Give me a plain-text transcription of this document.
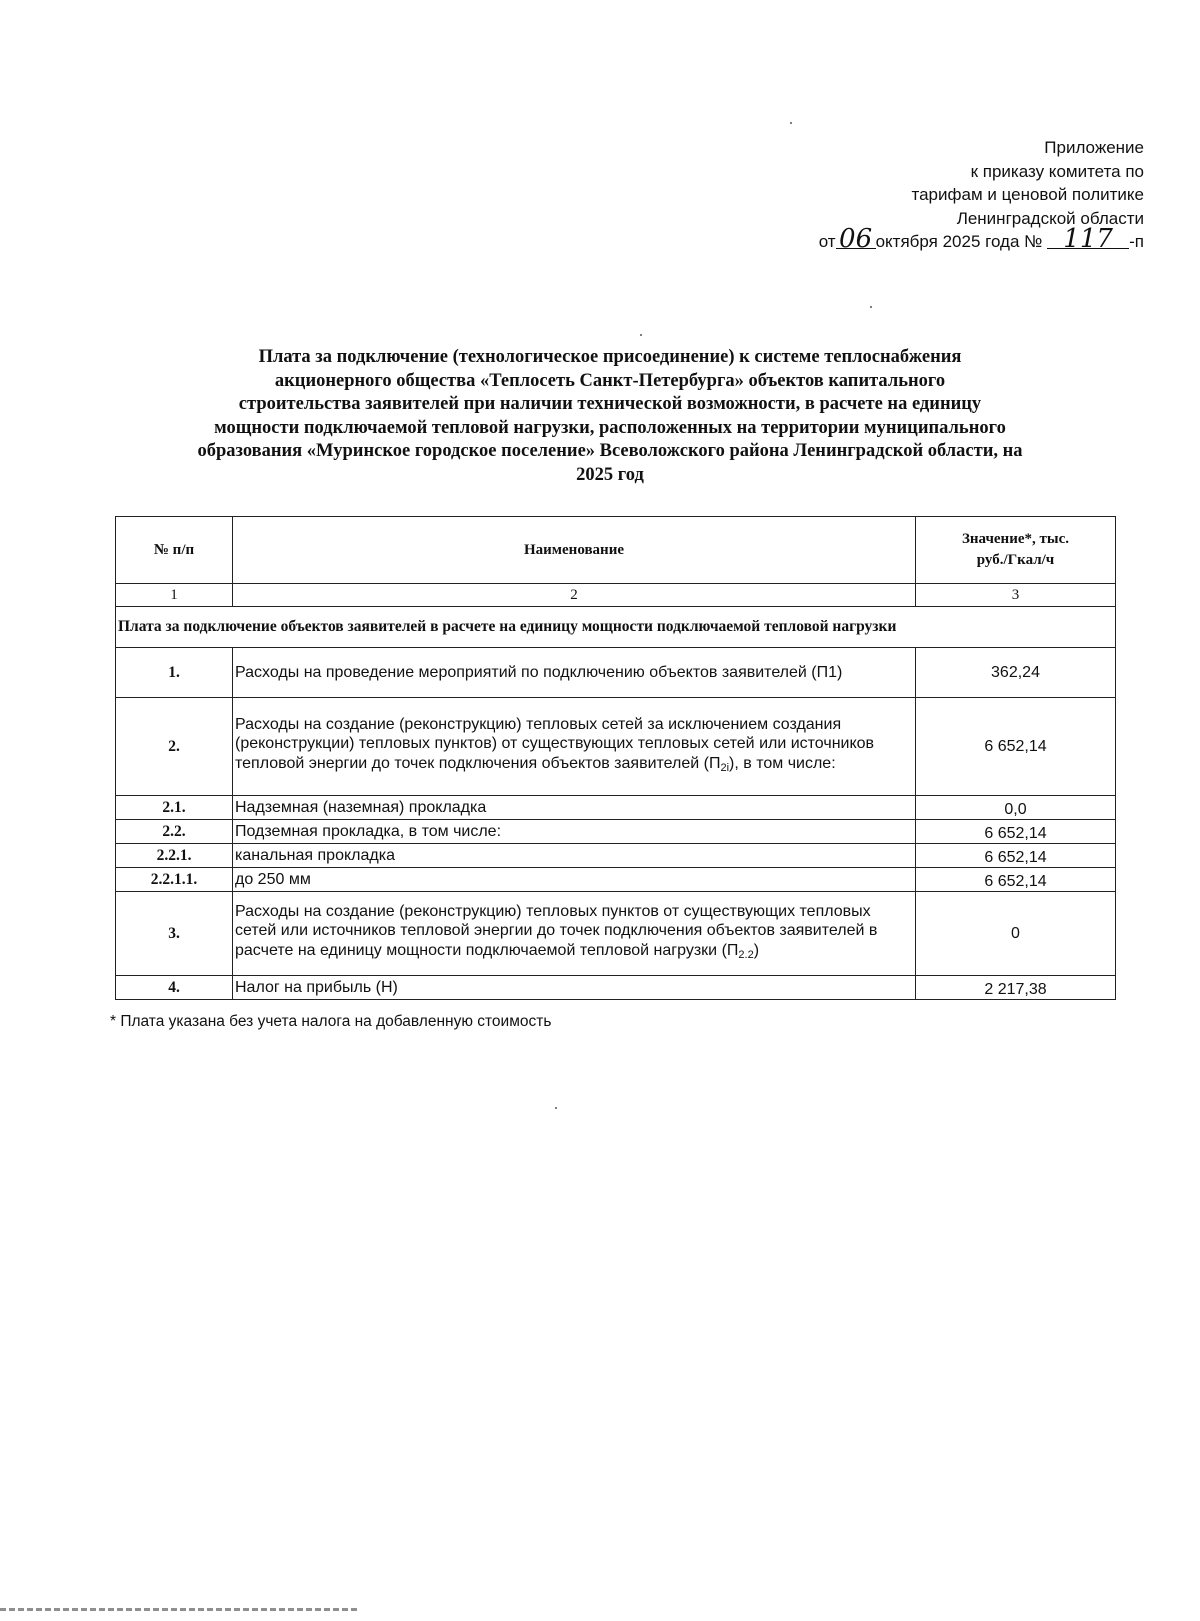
Приложение
к приказу комитета по
тарифам и ценовой политике
Ленинградской области
от 06 октября 2025 года № 117 -п
Плата за подключение (технологическое присоединение) к системе теплоснабжения
акционерного общества «Теплосеть Санкт-Петербурга» объектов капитального
строительства заявителей при наличии технической возможности, в расчете на единицу
мощности подключаемой тепловой нагрузки, расположенных на территории муниципального
образования «Муринское городское поселение» Всеволожского района Ленинградской области, на
2025 год
№ п/п	Наименование	Значение*, тыс.
руб./Гкал/ч
1	2	3
Плата за подключение объектов заявителей в расчете на единицу мощности подключаемой тепловой нагрузки		
1.	Расходы на проведение мероприятий по подключению объектов заявителей (П1)	362,24
2.	Расходы на создание (реконструкцию) тепловых сетей за исключением создания (реконструкции) тепловых пунктов) от существующих тепловых сетей или источников тепловой энергии до точек подключения объектов заявителей $(П_{2i})$, в том числе:	6 652,14
2.1.	Надземная (наземная) прокладка	0,0
2.2.	Подземная прокладка, в том числе:	6 652,14
2.2.1.	канальная прокладка	6 652,14
2.2.1.1.	до 250 мм	6 652,14
3.	Расходы на создание (реконструкцию) тепловых пунктов от существующих тепловых сетей или источников тепловой энергии до точек подключения объектов заявителей в расчете на единицу мощности подключаемой тепловой нагрузки $(П_{2.2})$	0
4.	Налог на прибыль (Н)	2 217,38
* Плата указана без учета налога на добавленную стоимость
